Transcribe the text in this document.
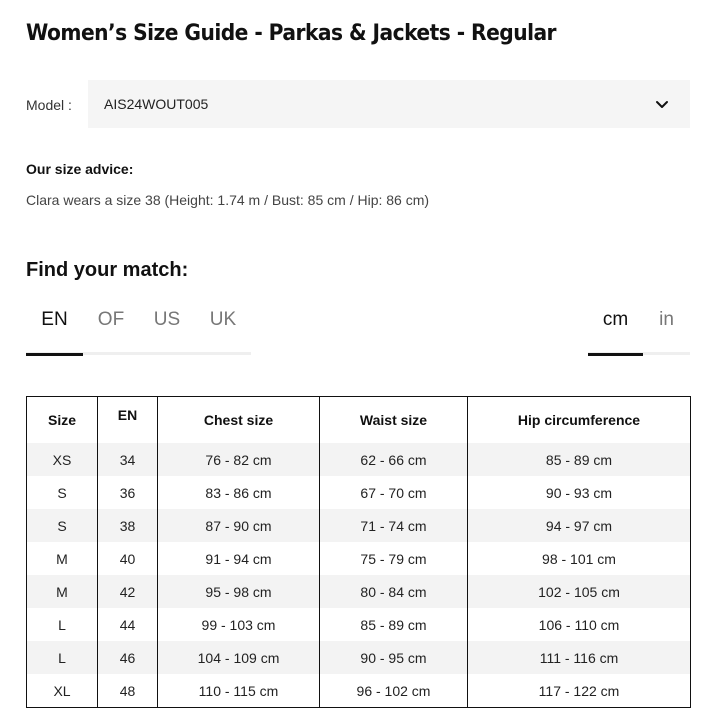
Women’s Size Guide - Parkas & Jackets - Regular
Model : AIS24WOUT005
Our size advice:
Clara wears a size 38 (Height: 1.74 m / Bust: 85 cm / Hip: 86 cm)
Find your match:
EN	OF	US	UK	cm	in
Size	EN	Chest size	Waist size	Hip circumference
XS	34	76 - 82 cm	62 - 66 cm	85 - 89 cm
S	36	83 - 86 cm	67 - 70 cm	90 - 93 cm
S	38	87 - 90 cm	71 - 74 cm	94 - 97 cm
M	40	91 - 94 cm	75 - 79 cm	98 - 101 cm
M	42	95 - 98 cm	80 - 84 cm	102 - 105 cm
L	44	99 - 103 cm	85 - 89 cm	106 - 110 cm
L	46	104 - 109 cm	90 - 95 cm	111 - 116 cm
XL	48	110 - 115 cm	96 - 102 cm	117 - 122 cm
